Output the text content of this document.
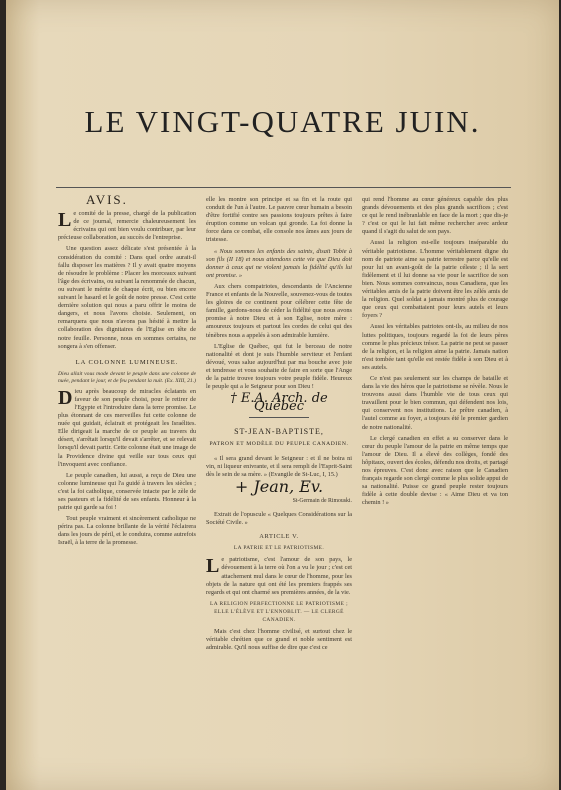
LE VINGT-QUATRE JUIN.
AVIS.

Le comité de la presse, chargé de la publication de ce journal, remercie chaleureusement les écrivains qui ont bien voulu contribuer, par leur précieuse collaboration, au succès de l'entreprise.

Une question assez délicate s'est présentée à la considération du comité : Dans quel ordre aurait-il fallu disposer les matières ? Il y avait quatre moyens de résoudre le problème : Placer les morceaux suivant l'âge des écrivains, ou suivant la renommée de chacun, ou suivant le mérite de chaque écrit, ou bien encore suivant le hasard et le goût de notre presse. C'est cette dernière solution qui nous a paru offrir le moins de dangers, et nous l'avons choisie. Seulement, on remarquera que nous n'avons pas hésité à mettre la collaboration des dignitaires de l'Eglise en tête de notre feuille. Personne, nous en sommes certains, ne songera à s'en offenser.

LA COLONNE LUMINEUSE.

Dieu allait vous mode devant le peuple dans une colonne de nuée, pendant le jour, et de feu pendant la nuit. (Ex. XIII, 21.)

Dieu après beaucoup de miracles éclatants en faveur de son peuple choisi, pour le retirer de l'Egypte et l'introduire dans la terre promise. Le plus étonnant de ces merveilles fut cette colonne de nuée qui guidait, éclairait et protégeait les Israélites. Elle dirigeait la marche de ce peuple au travers du désert, s'arrêtait lorsqu'il devait s'arrêter, et se relevait lorsqu'il devait partir. Cette colonne était une image de la Providence divine qui veille sur tous ceux qui l'invoquent avec confiance.

Le peuple canadien, lui aussi, a reçu de Dieu une colonne lumineuse qui l'a guidé à travers les siècles ; c'est la foi catholique, conservée intacte par le zèle de ses pasteurs et la fidélité de ses enfants. Honneur à la patrie qui garde sa foi !

Tout peuple vraiment et sincèrement catholique ne périra pas. La colonne brillante de la vérité l'éclairera dans les jours de péril, et le conduira, comme autrefois Israël, à la terre de la promesse.

elle les montre son principe et sa fin et la route qui conduit de l'un à l'autre. Le pauvre cœur humain a besoin d'être fortifié contre ses passions toujours prêtes à faire éruption comme un volcan qui gronde. La foi donne la force dans ce combat, elle console nos âmes aux jours de tristesse.

« Nous sommes les enfants des saints, disait Tobie à son fils (II 18) et nous attendons cette vie que Dieu doit donner à ceux qui ne violent jamais la fidélité qu'ils lui ont promise. »

Aux chers compatriotes, descendants de l'Ancienne France et enfants de la Nouvelle, souvenez-vous de toutes les gloires de ce continent pour célébrer cette fête de famille, gardons-nous de céder la fidélité que nous avons promise à notre Dieu et à son Eglise, notre mère : amoureux toujours et partout les cordes de celui qui des ténèbres nous a appelés à son admirable lumière.

L'Eglise de Québec, qui fut le berceau de notre nationalité et dont je suis l'humble serviteur et l'enfant dévoué, vous salue aujourd'hui par ma bouche avec joie et tendresse et vous souhaite de faire en sorte que l'Ange de la patrie trouve toujours votre peuple fidèle. Heureux le peuple qui a le Seigneur pour son Dieu !

† E.A. Arch. de Québec
ST-JEAN-BAPTISTE,
PATRON ET MODÈLE DU PEUPLE CANADIEN.

« Il sera grand devant le Seigneur : et il ne boira ni vin, ni liqueur enivrante, et il sera rempli de l'Esprit-Saint dès le sein de sa mère. » (Evangile de St-Luc, I, 15.)

+ Jean, Ev.
St-Germain de Rimouski.

Extrait de l'opuscule « Quelques Considérations sur la Société Civile. »

ARTICLE V.
LA PATRIE ET LE PATRIOTISME.

Le patriotisme, c'est l'amour de son pays, le dévouement à la terre où l'on a vu le jour ; c'est cet attachement mul dans le cœur de l'homme, pour les objets de la nature qui ont été les premiers frappés ses regards et qui ont charmé ses premières années, de la vie.

LA RELIGION PERFECTIONNE LE PATRIOTISME ; ELLE L'ÉLÈVE ET L'ENNOBLIT. — LE CLERGÉ CANADIEN.

Mais c'est chez l'homme civilisé, et surtout chez le véritable chrétien que ce grand et noble sentiment est admirable. Qu'il nous suffise de dire que c'est ce

qui rend l'homme au cœur généreux capable des plus grands dévouements et des plus grands sacrifices ; c'est ce qui le rend inébranlable en face de la mort ; que dis-je ? c'est ce qui le lui fait même rechercher avec ardeur quand il s'agit du salut de son pays.

Aussi la religion est-elle toujours inséparable du véritable patriotisme. L'homme véritablement digne du nom de patriote aime sa patrie terrestre parce qu'elle est pour lui un avant-goût de la patrie céleste ; il la sert fidèlement et il lui donne sa vie pour le sacrifice de son bien. Nous sommes convaincus, nous Canadiens, que les véritables amis de la patrie doivent être les zélés amis de la religion. Quel soldat a jamais montré plus de courage que ceux qui combattaient pour leurs autels et leurs foyers ?

Aussi les véritables patriotes ont-ils, au milieu de nos luttes politiques, toujours regardé la foi de leurs pères comme le plus précieux trésor. La patrie ne peut se passer de la religion, et la religion aime la patrie. Jamais nation n'est tombée tant qu'elle est restée fidèle à son Dieu et à ses autels.

Ce n'est pas seulement sur les champs de bataille et dans la vie des héros que le patriotisme se révèle. Nous le trouvons aussi dans l'humble vie de tous ceux qui travaillent pour le bien commun, qui défendent nos lois, qui conservent nos institutions. Le prêtre canadien, à l'autel comme au foyer, a toujours été le premier gardien de notre nationalité.

Le clergé canadien en effet a su conserver dans le cœur du peuple l'amour de la patrie en même temps que l'amour de Dieu. Il a élevé des collèges, fondé des hôpitaux, ouvert des écoles, défendu nos droits, et partagé nos épreuves. C'est donc avec raison que le Canadien français regarde son clergé comme le plus solide appui de sa nationalité. Puisse ce grand peuple rester toujours fidèle à cette double devise : « Aime Dieu et va ton chemin ! »
